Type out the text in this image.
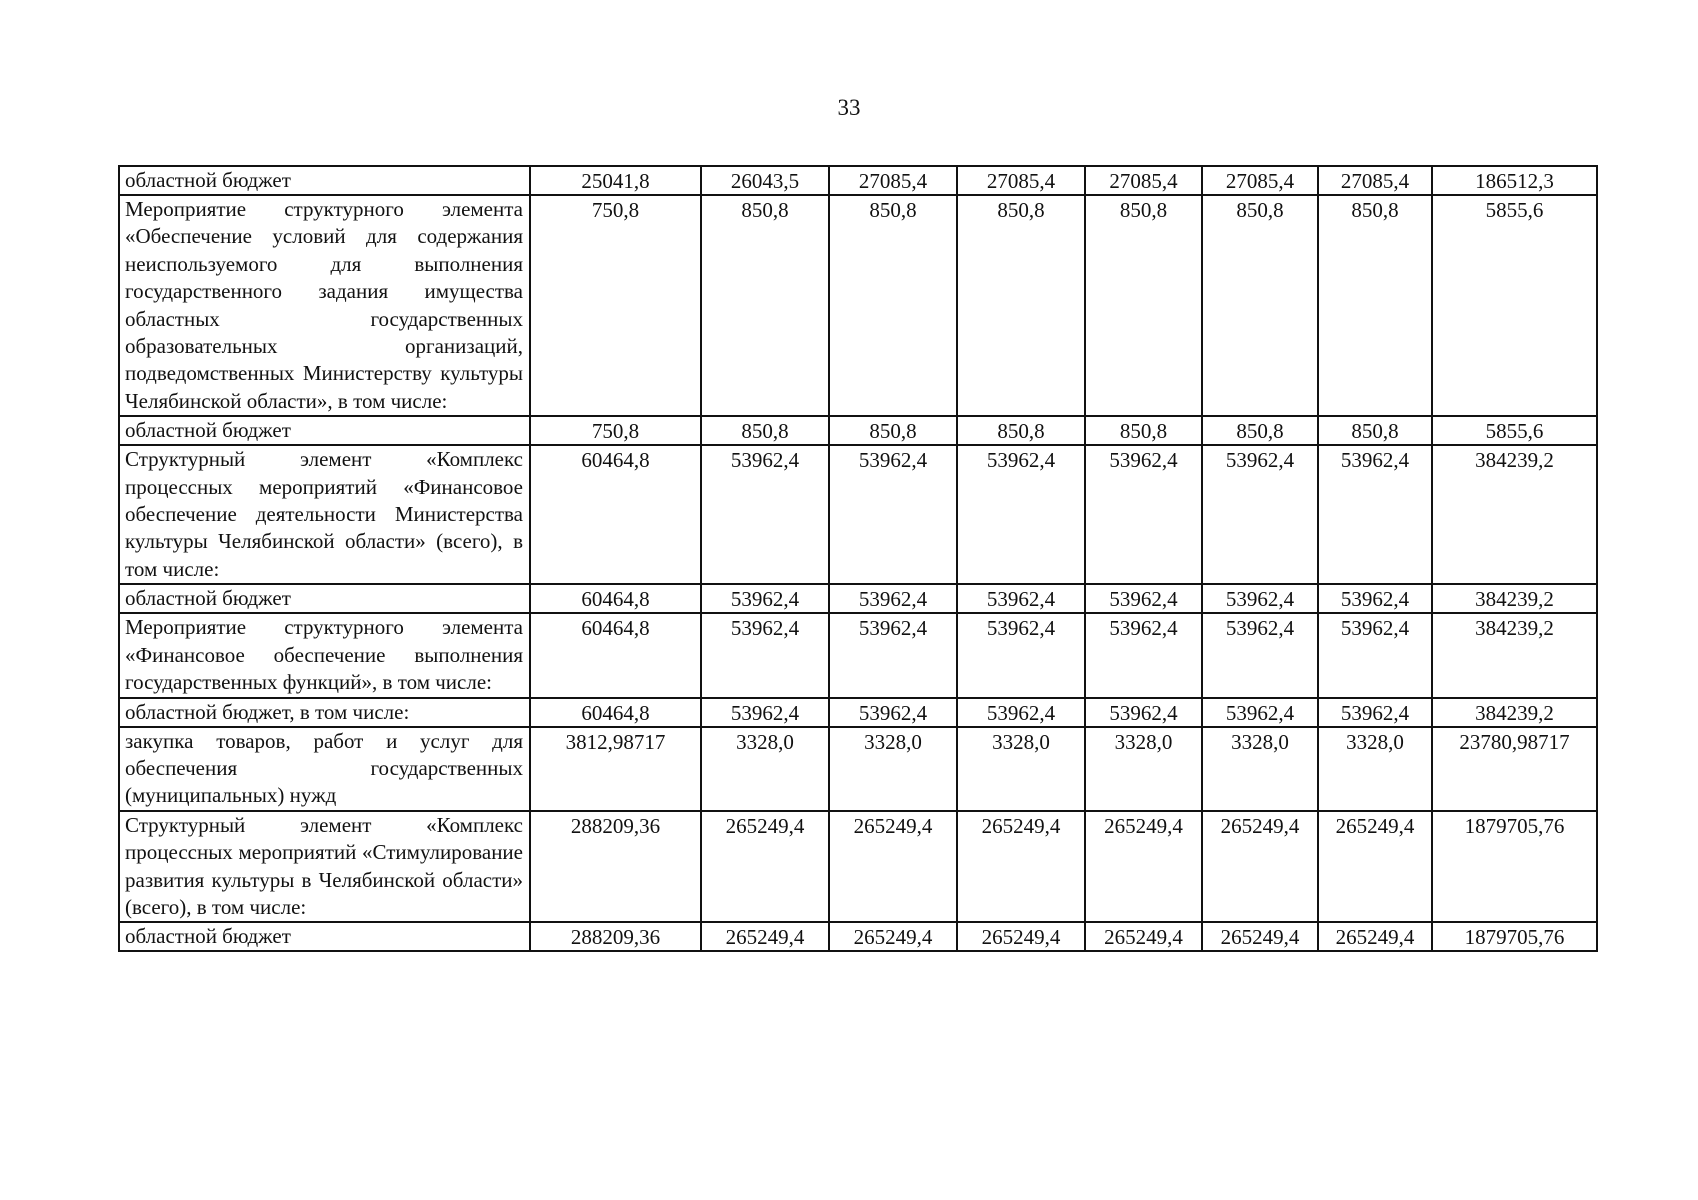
33
областной бюджет	25041,8	26043,5	27085,4	27085,4	27085,4	27085,4	27085,4	186512,3
Мероприятие структурного элемента «Обеспечение условий для содержания неиспользуемого для выполнения государственного задания имущества областных государственных образовательных организаций, подведомственных Министерству культуры Челябинской области», в том числе:	750,8	850,8	850,8	850,8	850,8	850,8	850,8	5855,6
областной бюджет	750,8	850,8	850,8	850,8	850,8	850,8	850,8	5855,6
Структурный элемент «Комплекс процессных мероприятий «Финансовое обеспечение деятельности Министерства культуры Челябинской области» (всего), в том числе:	60464,8	53962,4	53962,4	53962,4	53962,4	53962,4	53962,4	384239,2
областной бюджет	60464,8	53962,4	53962,4	53962,4	53962,4	53962,4	53962,4	384239,2
Мероприятие структурного элемента «Финансовое обеспечение выполнения государственных функций», в том числе:	60464,8	53962,4	53962,4	53962,4	53962,4	53962,4	53962,4	384239,2
областной бюджет, в том числе:	60464,8	53962,4	53962,4	53962,4	53962,4	53962,4	53962,4	384239,2
закупка товаров, работ и услуг для обеспечения государственных (муниципальных) нужд	3812,98717	3328,0	3328,0	3328,0	3328,0	3328,0	3328,0	23780,98717
Структурный элемент «Комплекс процессных мероприятий «Стимулирование развития культуры в Челябинской области» (всего), в том числе:	288209,36	265249,4	265249,4	265249,4	265249,4	265249,4	265249,4	1879705,76
областной бюджет	288209,36	265249,4	265249,4	265249,4	265249,4	265249,4	265249,4	1879705,76
